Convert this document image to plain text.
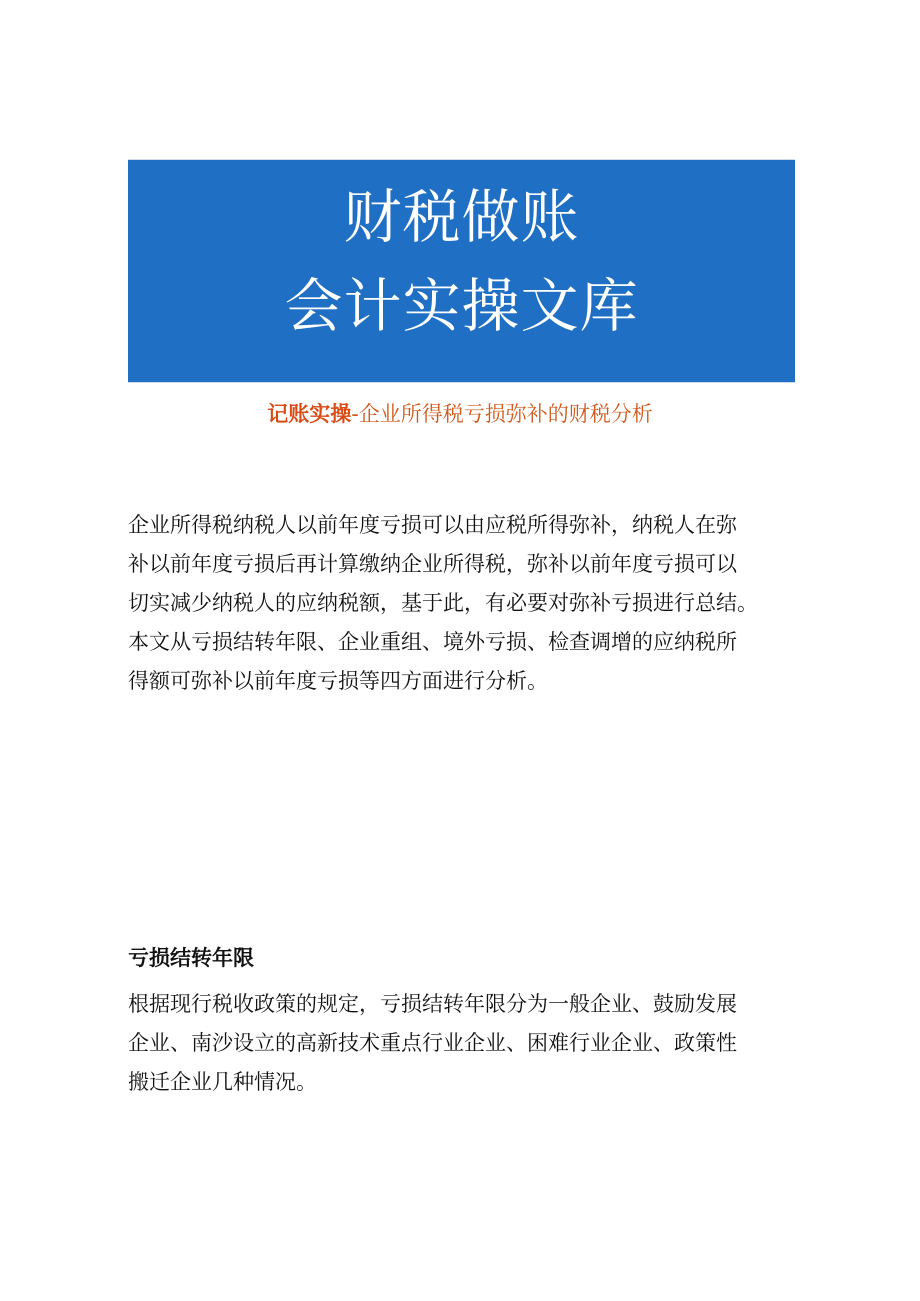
财税做账
会计实操文库
记账实操-企业所得税亏损弥补的财税分析
企业所得税纳税人以前年度亏损可以由应税所得弥补，纳税人在弥
补以前年度亏损后再计算缴纳企业所得税，弥补以前年度亏损可以
切实减少纳税人的应纳税额，基于此，有必要对弥补亏损进行总结。
本文从亏损结转年限、企业重组、境外亏损、检查调增的应纳税所
得额可弥补以前年度亏损等四方面进行分析。
亏损结转年限
根据现行税收政策的规定，亏损结转年限分为一般企业、鼓励发展
企业、南沙设立的高新技术重点行业企业、困难行业企业、政策性
搬迁企业几种情况。
